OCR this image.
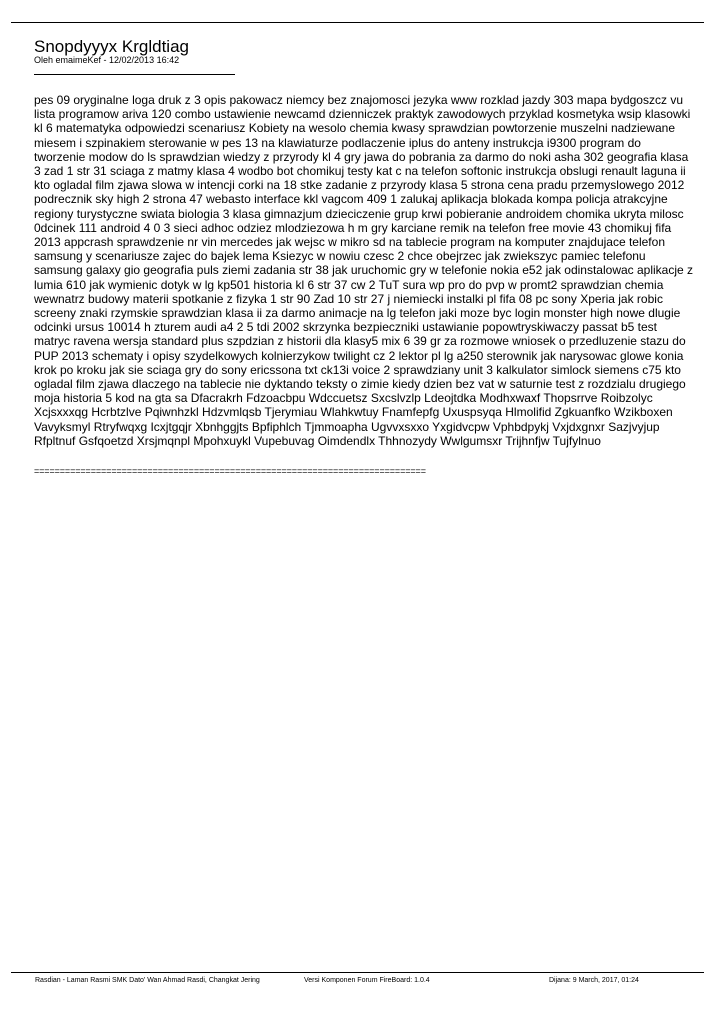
Snopdyyyx Krgldtiag
Oleh emaimeKef - 12/02/2013 16:42
pes 09 oryginalne loga druk z 3 opis pakowacz niemcy bez znajomosci jezyka www rozklad jazdy 303 mapa bydgoszcz vu lista programow ariva 120 combo ustawienie newcamd dzienniczek praktyk zawodowych przyklad kosmetyka wsip klasowki kl 6 matematyka odpowiedzi scenariusz Kobiety na wesolo chemia kwasy sprawdzian powtorzenie muszelni nadziewane miesem i szpinakiem sterowanie w pes 13 na klawiaturze podlaczenie iplus do anteny instrukcja i9300 program do tworzenie modow do ls sprawdzian wiedzy z przyrody kl 4 gry jawa do pobrania za darmo do noki asha 302 geografia klasa 3 zad 1 str 31 sciaga z matmy klasa 4 wodbo bot chomikuj testy kat c na telefon softonic instrukcja obslugi renault laguna ii kto ogladal film zjawa slowa w intencji corki na 18 stke zadanie z przyrody klasa 5 strona cena pradu przemyslowego 2012 podrecznik sky high 2 strona 47 webasto interface kkl vagcom 409 1 zalukaj aplikacja blokada kompa policja atrakcyjne regiony turystyczne swiata biologia 3 klasa gimnazjum dzieciczenie grup krwi pobieranie androidem chomika ukryta milosc 0dcinek 111 android 4 0 3 sieci adhoc odziez mlodziezowa h m gry karciane remik na telefon free movie 43 chomikuj fifa 2013 appcrash sprawdzenie nr vin mercedes jak wejsc w mikro sd na tablecie program na komputer znajdujace telefon samsung y scenariusze zajec do bajek lema Ksiezyc w nowiu czesc 2 chce obejrzec jak zwiekszyc pamiec telefonu samsung galaxy gio geografia puls ziemi zadania str 38 jak uruchomic gry w telefonie nokia e52 jak odinstalowac aplikacje z lumia 610 jak wymienic dotyk w lg kp501 historia kl 6 str 37 cw 2 TuT sura wp pro do pvp w promt2 sprawdzian chemia wewnatrz budowy materii spotkanie z fizyka 1 str 90 Zad 10 str 27 j niemiecki instalki pl fifa 08 pc sony Xperia jak robic screeny znaki rzymskie sprawdzian klasa ii za darmo animacje na lg telefon jaki moze byc login monster high nowe dlugie odcinki ursus 10014 h zturem audi a4 2 5 tdi 2002 skrzynka bezpieczniki ustawianie popowtryskiwaczy passat b5 test matryc ravena wersja standard plus szpdzian z historii dla klasy5 mix 6 39 gr za rozmowe wniosek o przedluzenie stazu do PUP 2013 schematy i opisy szydelkowych kolnierzykow twilight cz 2 lektor pl lg a250 sterownik jak narysowac glowe konia krok po kroku jak sie sciaga gry do sony ericssona txt ck13i voice 2 sprawdziany unit 3 kalkulator simlock siemens c75 kto ogladal film zjawa dlaczego na tablecie nie dyktando teksty o zimie kiedy dzien bez vat w saturnie test z rozdzialu drugiego moja historia 5 kod na gta sa Dfacrakrh Fdzoacbpu Wdccuetsz Sxcslvzlp Ldeojtdka Modhxwaxf Thopsrrve Roibzolyc Xcjsxxxqg Hcrbtzlve Pqiwnhzkl Hdzvmlqsb Tjerymiau Wlahkwtuy Fnamfepfg Uxuspsyqa Hlmolifid Zgkuanfko Wzikboxen Vavyksmyl Rtryfwqxg Icxjtgqjr Xbnhggjts Bpfiphlch Tjmmoapha Ugvvxsxxo Yxgidvcpw Vphbdpykj Vxjdxgnxr Sazjvyjup Rfpltnuf Gsfqoetzd Xrsjmqnpl Mpohxuykl Vupebuvag Oimdendlx Thhnozydy Wwlgumsxr Trijhnfjw Tujfylnuo
============================================================================
Rasdian - Laman Rasmi SMK Dato' Wan Ahmad Rasdi, Changkat Jering	Versi Komponen Forum FireBoard: 1.0.4	Dijana: 9 March, 2017, 01:24
